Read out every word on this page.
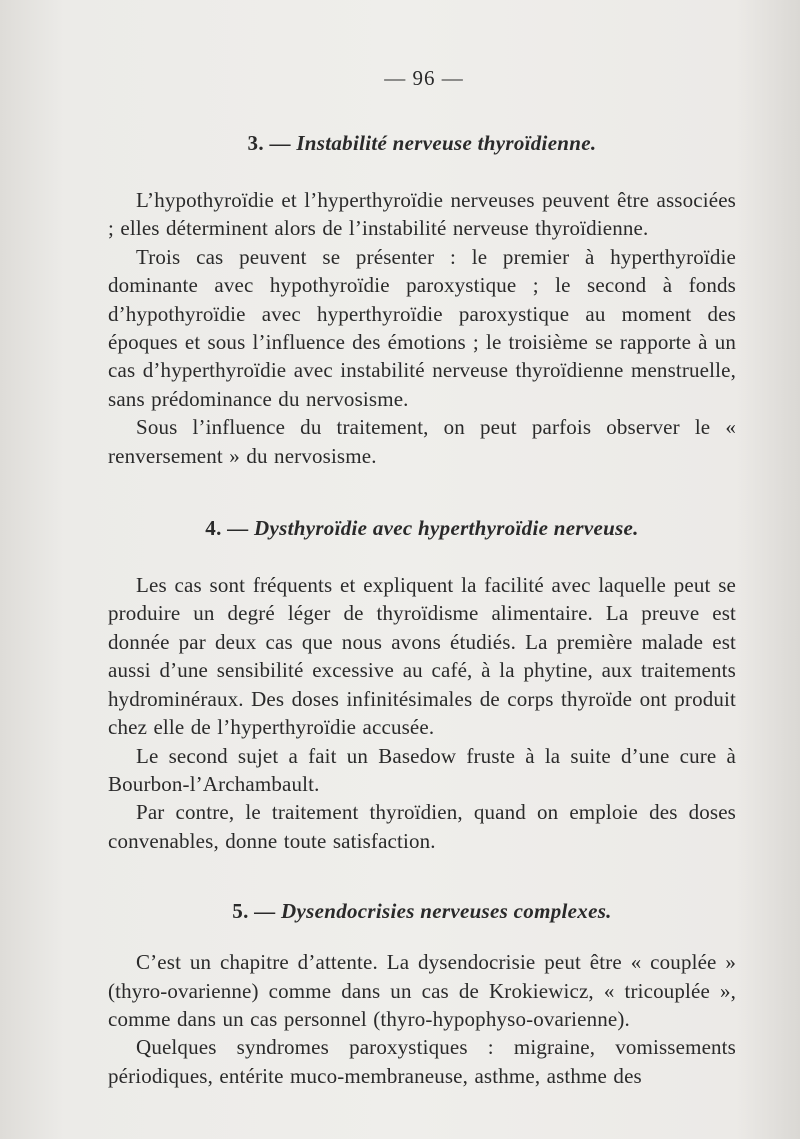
— 96 —
3. — Instabilité nerveuse thyroïdienne.

L’hypothyroïdie et l’hyperthyroïdie nerveuses peuvent être associées ; elles déterminent alors de l’instabilité nerveuse thyroïdienne.

Trois cas peuvent se présenter : le premier à hyperthyroïdie dominante avec hypothyroïdie paroxystique ; le second à fonds d’hypothyroïdie avec hyperthyroïdie paroxystique au moment des époques et sous l’influence des émotions ; le troisième se rapporte à un cas d’hyperthyroïdie avec instabilité nerveuse thyroïdienne menstruelle, sans prédominance du nervosisme.

Sous l’influence du traitement, on peut parfois observer le « renversement » du nervosisme.

4. — Dysthyroïdie avec hyperthyroïdie nerveuse.

Les cas sont fréquents et expliquent la facilité avec laquelle peut se produire un degré léger de thyroïdisme alimentaire. La preuve est donnée par deux cas que nous avons étudiés. La première malade est aussi d’une sensibilité excessive au café, à la phytine, aux traitements hydrominéraux. Des doses infinitésimales de corps thyroïde ont produit chez elle de l’hyperthyroïdie accusée.

Le second sujet a fait un Basedow fruste à la suite d’une cure à Bourbon-l’Archambault.

Par contre, le traitement thyroïdien, quand on emploie des doses convenables, donne toute satisfaction.

5. — Dysendocrisies nerveuses complexes.

C’est un chapitre d’attente. La dysendocrisie peut être « couplée » (thyro-ovarienne) comme dans un cas de Krokiewicz, « tricouplée », comme dans un cas personnel (thyro-hypophyso-ovarienne).

Quelques syndromes paroxystiques : migraine, vomissements périodiques, entérite muco-membraneuse, asthme, asthme des
